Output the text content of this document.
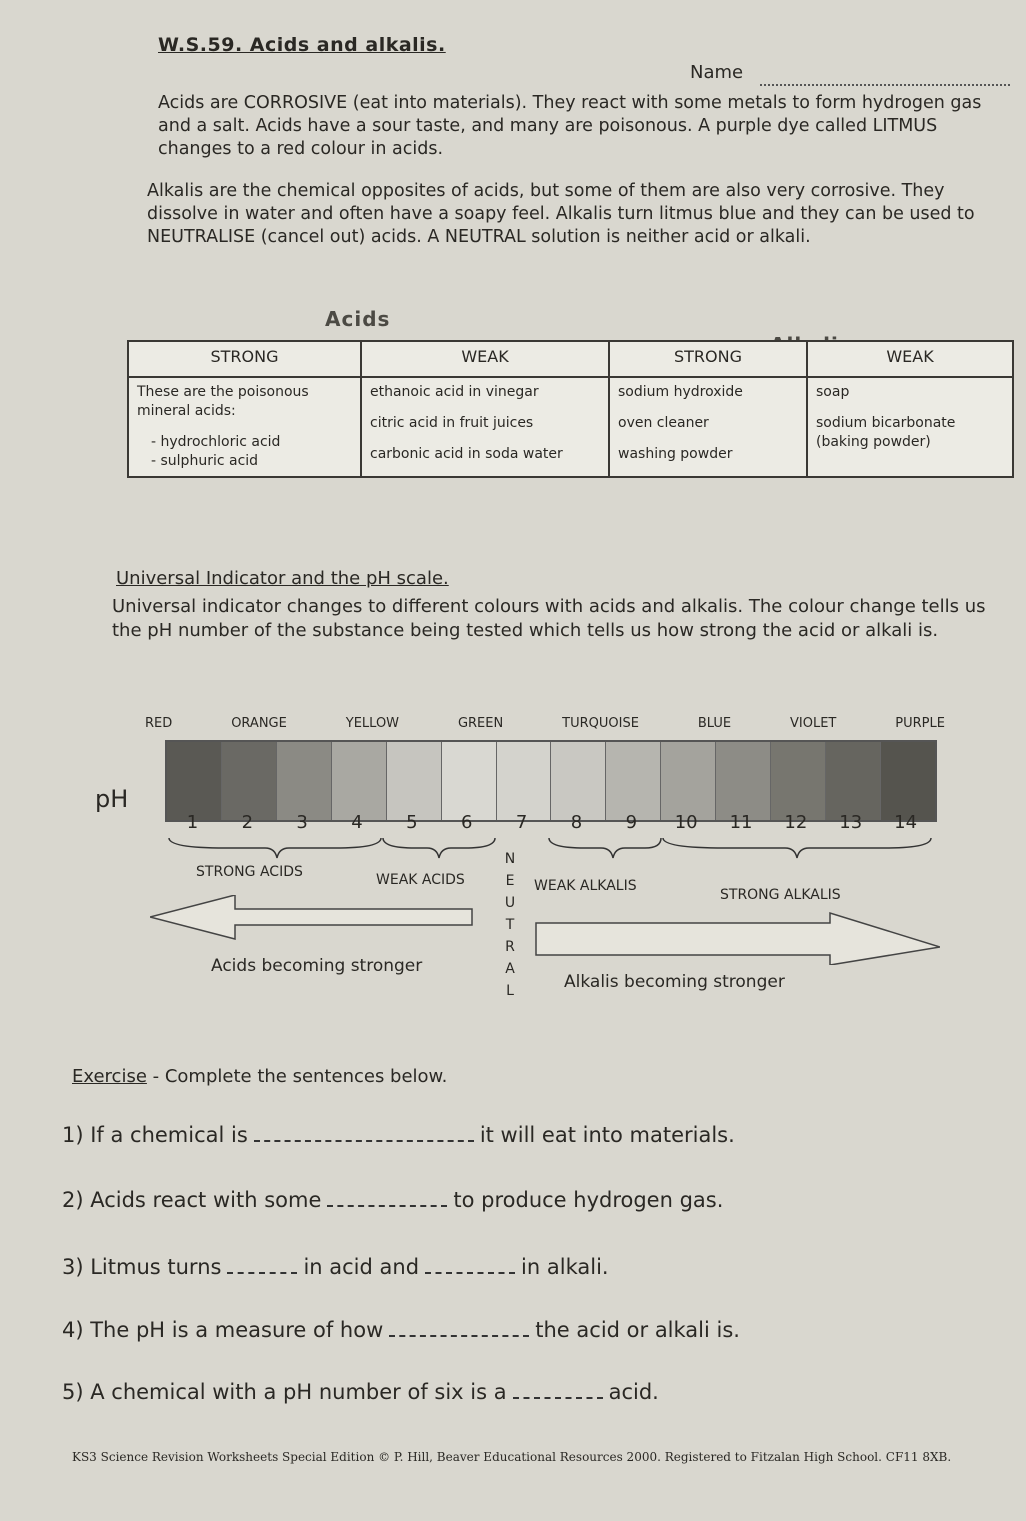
W.S.59. Acids and alkalis.
Name
Acids are CORROSIVE (eat into materials). They react with some metals to form hydrogen gas and a salt. Acids have a sour taste, and many are poisonous. A purple dye called LITMUS changes to a red colour in acids.
Alkalis are the chemical opposites of acids, but some of them are also very corrosive. They dissolve in water and often have a soapy feel. Alkalis turn litmus blue and they can be used to NEUTRALISE (cancel out) acids. A NEUTRAL solution is neither acid or alkali.
Acids
STRONG	WEAK	STRONG	WEAK

These are the poisonous mineral acids:
- hydrochloric acid
- sulphuric acid	ethanoic acid in vinegar
citric acid in fruit juices
carbonic acid in soda water	sodium hydroxide
oven cleaner
washing powder	soap
sodium bicarbonate (baking powder)
Universal Indicator and the pH scale.
Universal indicator changes to different colours with acids and alkalis. The colour change tells us the pH number of the substance being tested which tells us how strong the acid or alkali is.
RED	ORANGE	YELLOW	GREEN	TURQUOISE	BLUE	VIOLET	PURPLE
pH
1	2	3	4	5	6	7	8	9	10	11	12	13	14
N
E
U
T
R
A
L
STRONG ACIDS	WEAK ACIDS	WEAK ALKALIS
STRONG ALKALIS
Acids becoming stronger
Alkalis becoming stronger
Exercise - Complete the sentences below.
1) If a chemical is	it will eat into materials.
2) Acids react with some	to produce hydrogen gas.
3) Litmus turns	in acid and	in alkali.
4) The pH is a measure of how	the acid or alkali is.
5) A chemical with a pH number of six is a	acid.
KS3 Science Revision Worksheets Special Edition © P. Hill, Beaver Educational Resources 2000. Registered to Fitzalan High School. CF11 8XB.
